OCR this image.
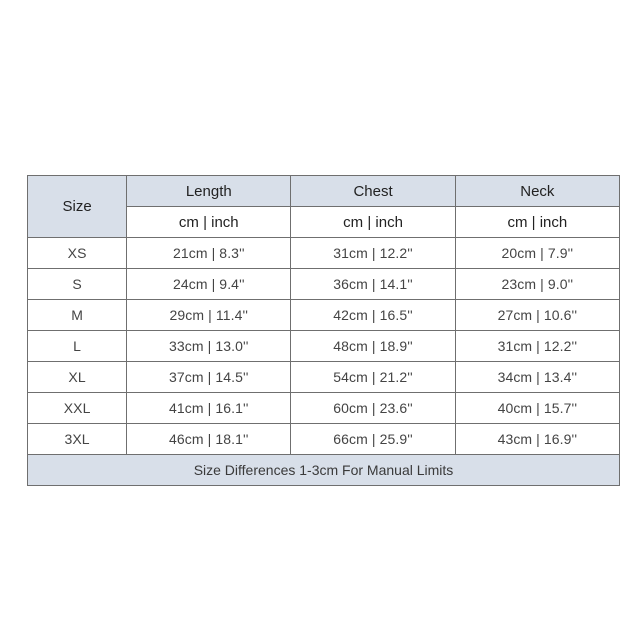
Size	Length	Chest	Neck
	cm | inch	cm | inch	cm | inch
XS	21cm | 8.3''	31cm | 12.2''	20cm | 7.9''
S	24cm | 9.4''	36cm | 14.1''	23cm | 9.0''
M	29cm | 11.4''	42cm | 16.5''	27cm | 10.6''
L	33cm | 13.0''	48cm | 18.9''	31cm | 12.2''
XL	37cm | 14.5''	54cm | 21.2''	34cm | 13.4''
XXL	41cm | 16.1''	60cm | 23.6''	40cm | 15.7''
3XL	46cm | 18.1''	66cm | 25.9''	43cm | 16.9''
Size Differences 1-3cm For Manual Limits			
